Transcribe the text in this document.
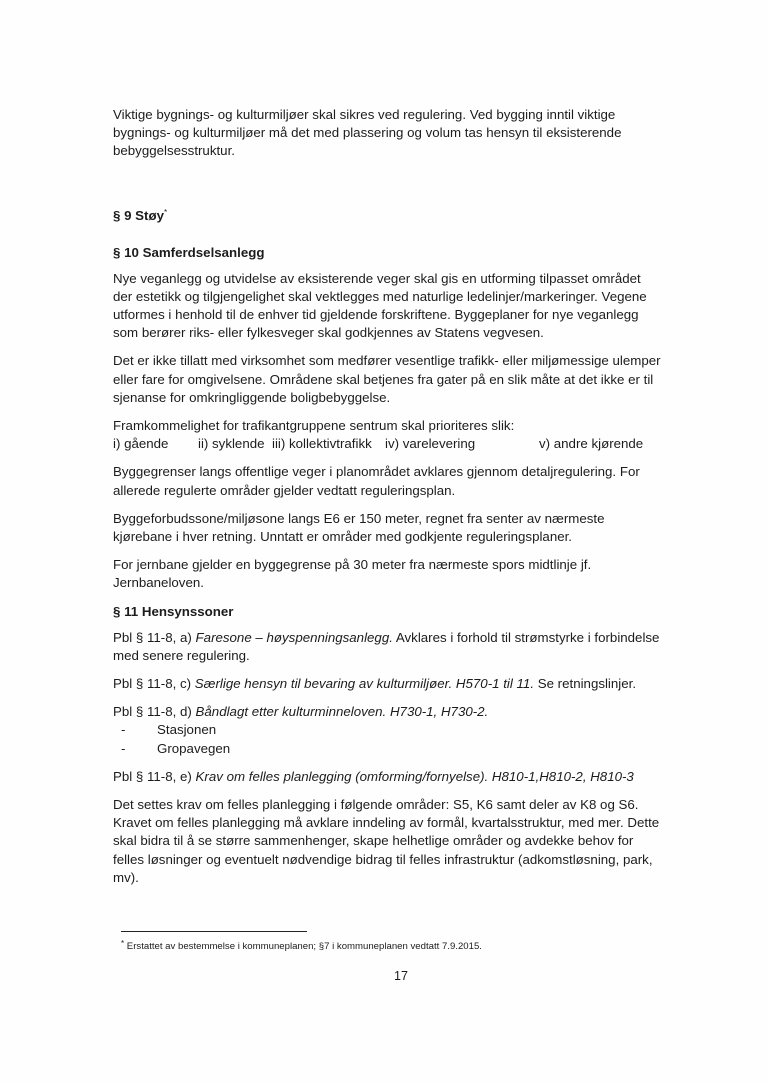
Viktige bygnings- og kulturmiljøer skal sikres ved regulering. Ved bygging inntil viktige bygnings- og kulturmiljøer må det med plassering og volum tas hensyn til eksisterende bebyggelsesstruktur.

§ 9 Støy*
§ 10 Samferdselsanlegg

Nye veganlegg og utvidelse av eksisterende veger skal gis en utforming tilpasset området der estetikk og tilgjengelighet skal vektlegges med naturlige ledelinjer/markeringer. Vegene utformes i henhold til de enhver tid gjeldende forskriftene. Byggeplaner for nye veganlegg som berører riks- eller fylkesveger skal godkjennes av Statens vegvesen.

Det er ikke tillatt med virksomhet som medfører vesentlige trafikk- eller miljømessige ulemper eller fare for omgivelsene. Områdene skal betjenes fra gater på en slik måte at det ikke er til sjenanse for omkringliggende boligbebyggelse.

Framkommelighet for trafikantgruppene sentrum skal prioriteres slik:

i) gående	ii) syklende iii) kollektivtrafikk iv) varelevering	v) andre kjørende

Byggegrenser langs offentlige veger i planområdet avklares gjennom detaljregulering. For allerede regulerte områder gjelder vedtatt reguleringsplan.

Byggeforbudssone/miljøsone langs E6 er 150 meter, regnet fra senter av nærmeste kjørebane i hver retning. Unntatt er områder med godkjente reguleringsplaner.

For jernbane gjelder en byggegrense på 30 meter fra nærmeste spors midtlinje jf. Jernbaneloven.

§ 11 Hensynssoner

Pbl § 11-8, a) Faresone – høyspenningsanlegg. Avklares i forhold til strømstyrke i forbindelse med senere regulering.

Pbl § 11-8, c) Særlige hensyn til bevaring av kulturmiljøer. H570-1 til 11. Se retningslinjer.

Pbl § 11-8, d) Båndlagt etter kulturminneloven. H730-1, H730-2.

- Stasjonen
- Gropavegen

Pbl § 11-8, e) Krav om felles planlegging (omforming/fornyelse). H810-1,H810-2, H810-3

Det settes krav om felles planlegging i følgende områder: S5, K6 samt deler av K8 og S6. Kravet om felles planlegging må avklare inndeling av formål, kvartalsstruktur, med mer. Dette skal bidra til å se større sammenhenger, skape helhetlige områder og avdekke behov for felles løsninger og eventuelt nødvendige bidrag til felles infrastruktur (adkomstløsning, park, mv).

* Erstattet av bestemmelse i kommuneplanen; §7 i kommuneplanen vedtatt 7.9.2015.
17
